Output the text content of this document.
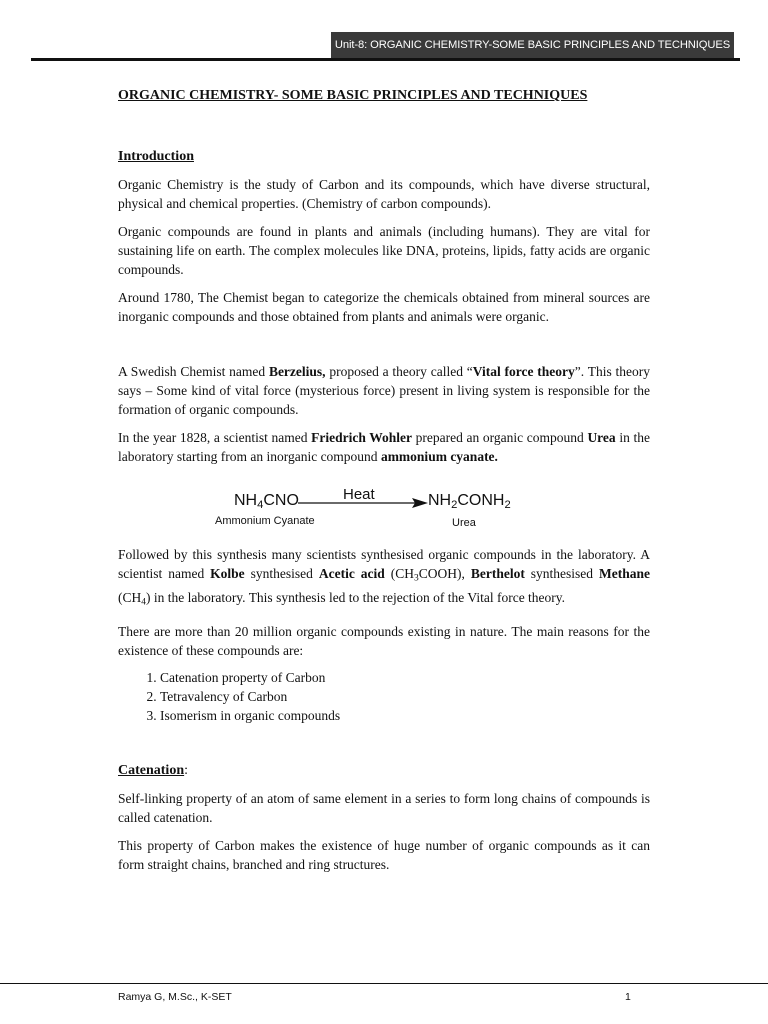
Unit-8: ORGANIC CHEMISTRY-SOME BASIC PRINCIPLES AND TECHNIQUES
ORGANIC CHEMISTRY- SOME BASIC PRINCIPLES AND TECHNIQUES
Introduction

Organic Chemistry is the study of Carbon and its compounds, which have diverse structural, physical and chemical properties. (Chemistry of carbon compounds).

Organic compounds are found in plants and animals (including humans). They are vital for sustaining life on earth. The complex molecules like DNA, proteins, lipids, fatty acids are organic compounds.

Around 1780, The Chemist began to categorize the chemicals obtained from mineral sources are inorganic compounds and those obtained from plants and animals were organic.

A Swedish Chemist named Berzelius, proposed a theory called “Vital force theory”. This theory says – Some kind of vital force (mysterious force) present in living system is responsible for the formation of organic compounds.

In the year 1828, a scientist named Friedrich Wohler prepared an organic compound Urea in the laboratory starting from an inorganic compound ammonium cyanate.

$NH_4CNO$
Ammonium Cyanate
Heat	$NH_2CONH_2$
Urea

Followed by this synthesis many scientists synthesised organic compounds in the laboratory. A scientist named Kolbe synthesised Acetic acid $(CH_3COOH)$, Berthelot synthesised Methane $(CH_4)$ in the laboratory. This synthesis led to the rejection of the Vital force theory.

There are more than 20 million organic compounds existing in nature. The main reasons for the existence of these compounds are:

1. Catenation property of Carbon
2. Tetravalency of Carbon
3. Isomerism in organic compounds
Catenation:

Self-linking property of an atom of same element in a series to form long chains of compounds is called catenation.

This property of Carbon makes the existence of huge number of organic compounds as it can form straight chains, branched and ring structures.

Ramya G, M.Sc., K-SET	1
